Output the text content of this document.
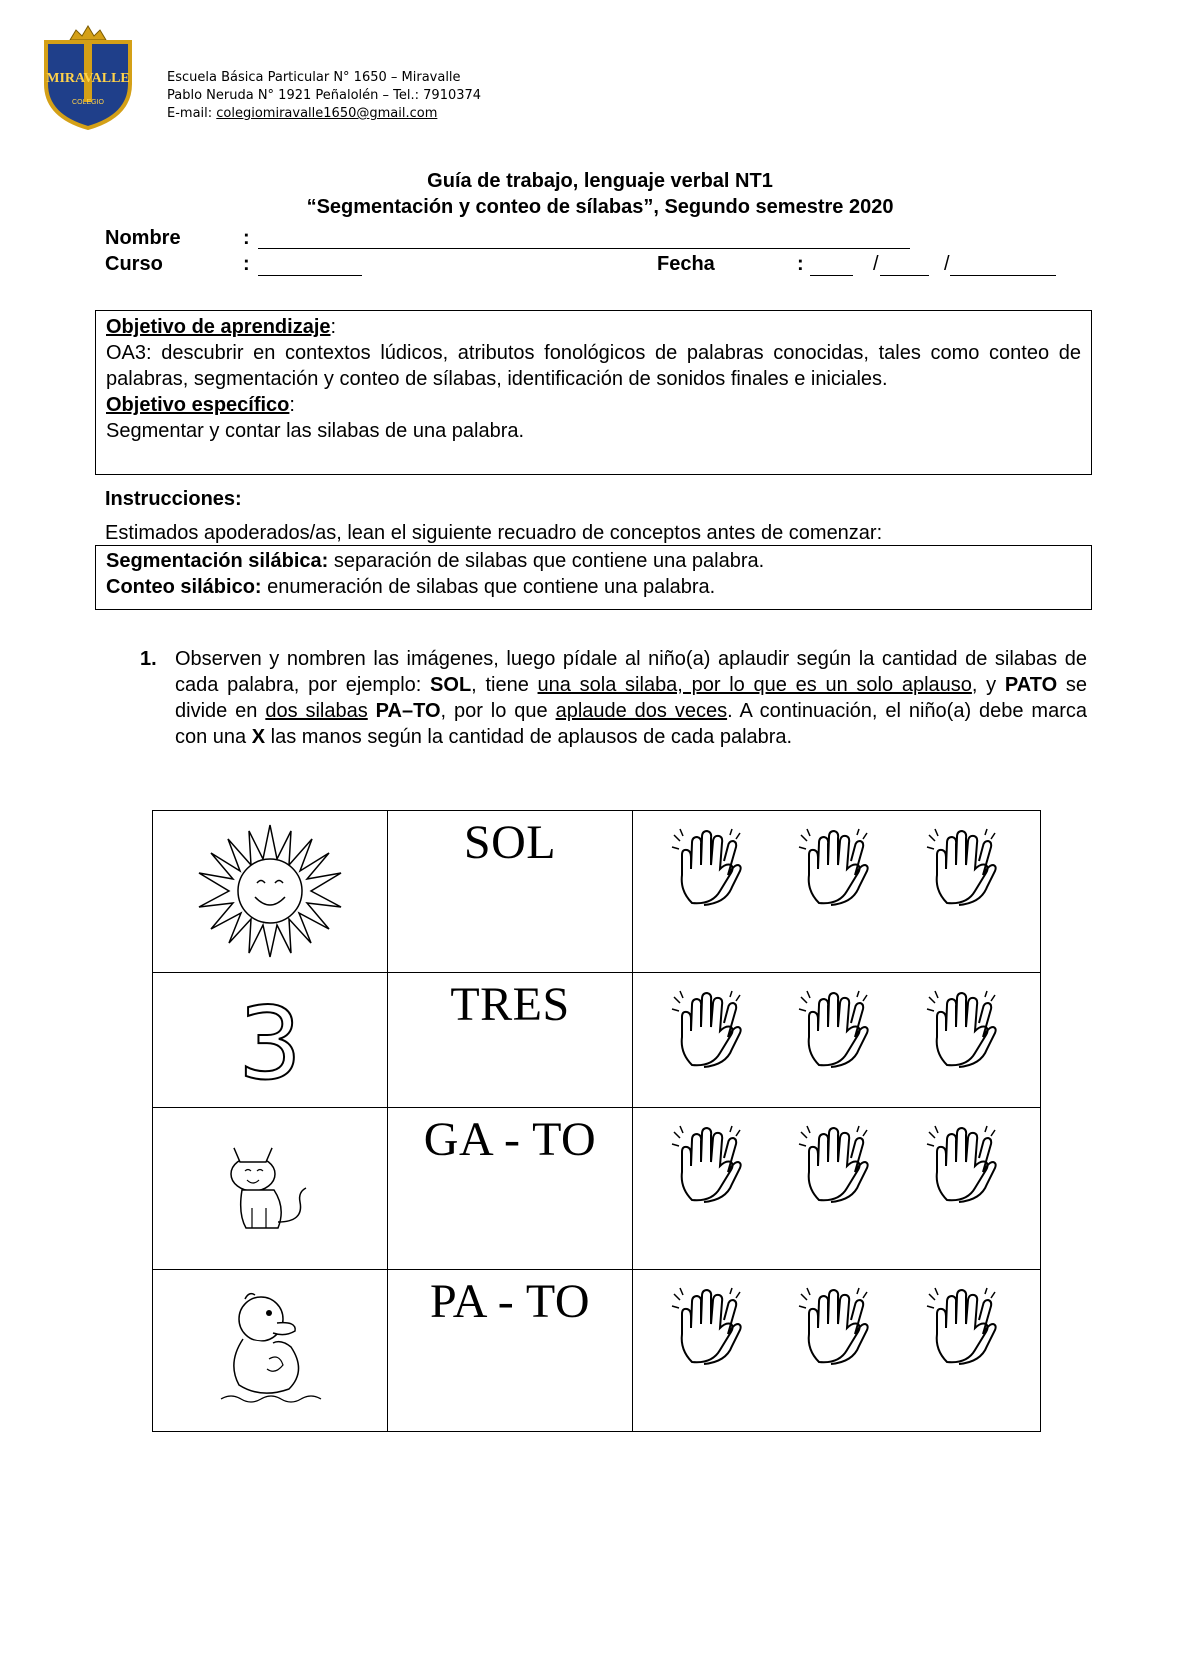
MIRAVALLE
COLEGIO
Escuela Básica Particular N° 1650 – Miravalle
Pablo Neruda N° 1921 Peñalolén – Tel.: 7910374
E-mail: colegiomiravalle1650@gmail.com
Guía de trabajo, lenguaje verbal NT1
“Segmentación y conteo de sílabas”, Segundo semestre 2020
Nombre	:
Curso	:	Fecha	:	/	/
Objetivo de aprendizaje:
OA3: descubrir en contextos lúdicos, atributos fonológicos de palabras conocidas, tales como conteo de palabras, segmentación y conteo de sílabas, identificación de sonidos finales e iniciales.
Objetivo específico:
Segmentar y contar las silabas de una palabra.
Instrucciones:
Estimados apoderados/as, lean el siguiente recuadro de conceptos antes de comenzar:
Segmentación silábica: separación de silabas que contiene una palabra.
Conteo silábico: enumeración de silabas que contiene una palabra.
1. Observen y nombren las imágenes, luego pídale al niño(a) aplaudir según la cantidad de silabas de cada palabra, por ejemplo: SOL, tiene una sola silaba, por lo que es un solo aplauso, y PATO se divide en dos silabas PA–TO, por lo que aplaude dos veces. A continuación, el niño(a) debe marca con una X las manos según la cantidad de aplausos de cada palabra.

SOL

3	TRES

GA - TO

PA - TO
